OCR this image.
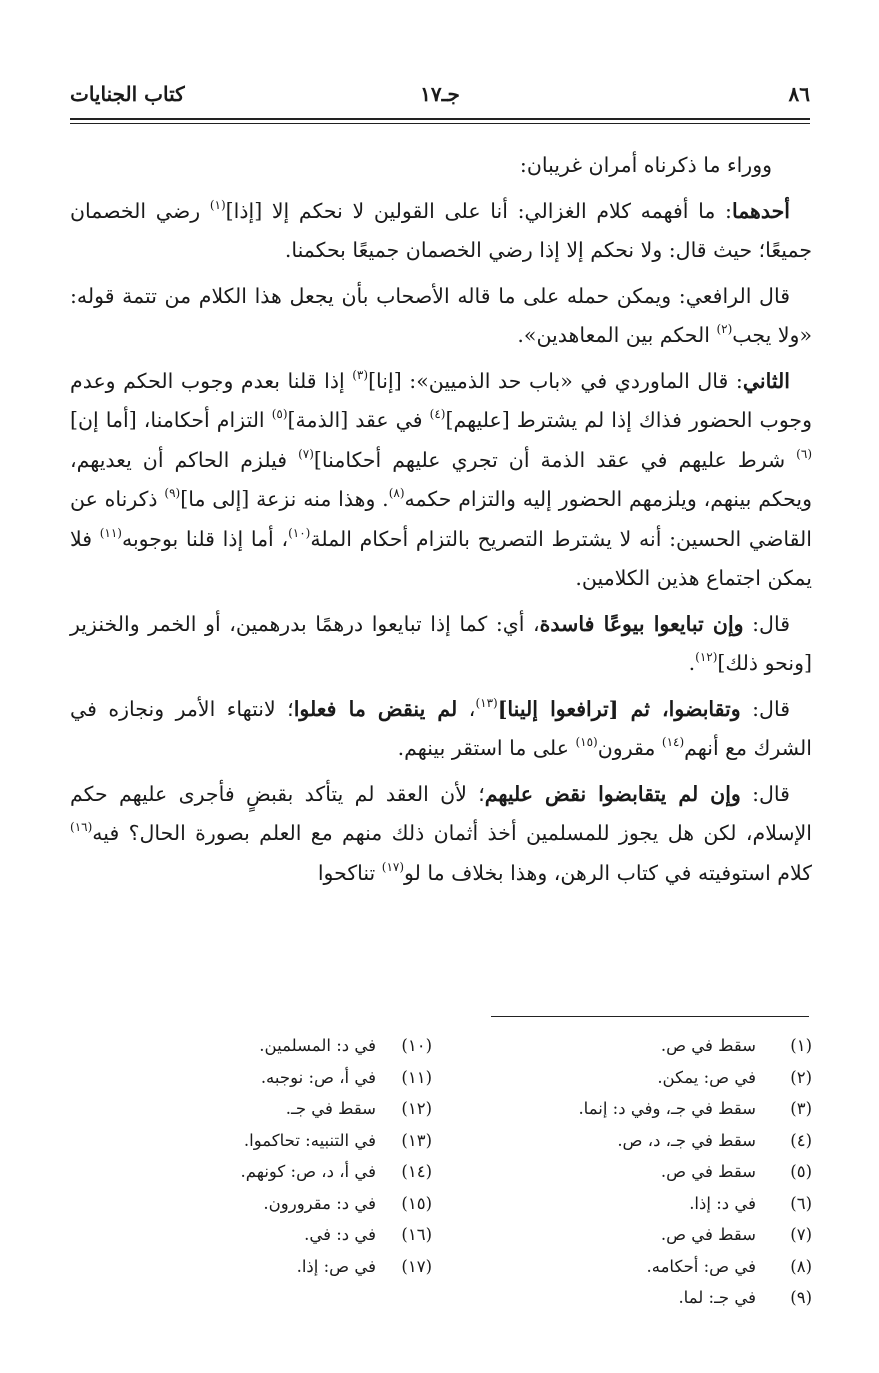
٨٦
جـ١٧
كتاب الجنايات

ووراء ما ذكرناه أمران غريبان:

أحدهما: ما أفهمه كلام الغزالي: أنا على القولين لا نحكم إلا [إذا]$^{(١)}$ رضي الخصمان جميعًا؛ حيث قال: ولا نحكم إلا إذا رضي الخصمان جميعًا بحكمنا.

قال الرافعي: ويمكن حمله على ما قاله الأصحاب بأن يجعل هذا الكلام من تتمة قوله: «ولا يجب$^{(٢)}$ الحكم بين المعاهدين».

الثاني: قال الماوردي في «باب حد الذميين»: [إنا]$^{(٣)}$ إذا قلنا بعدم وجوب الحكم وعدم وجوب الحضور فذاك إذا لم يشترط [عليهم]$^{(٤)}$ في عقد [الذمة]$^{(٥)}$ التزام أحكامنا، [أما إن]$^{(٦)}$ شرط عليهم في عقد الذمة أن تجري عليهم أحكامنا]$^{(٧)}$ فيلزم الحاكم أن يعديهم، ويحكم بينهم، ويلزمهم الحضور إليه والتزام حكمه$^{(٨)}$. وهذا منه نزعة [إلى ما]$^{(٩)}$ ذكرناه عن القاضي الحسين: أنه لا يشترط التصريح بالتزام أحكام الملة$^{(١٠)}$، أما إذا قلنا بوجوبه$^{(١١)}$ فلا يمكن اجتماع هذين الكلامين.

قال: وإن تبايعوا بيوعًا فاسدة، أي: كما إذا تبايعوا درهمًا بدرهمين، أو الخمر والخنزير [ونحو ذلك]$^{(١٢)}$.

قال: وتقابضوا، ثم [ترافعوا إلينا]$^{(١٣)}$، لم ينقض ما فعلوا؛ لانتهاء الأمر ونجازه في الشرك مع أنهم$^{(١٤)}$ مقرون$^{(١٥)}$ على ما استقر بينهم.

قال: وإن لم يتقابضوا نقض عليهم؛ لأن العقد لم يتأكد بقبضٍ فأجرى عليهم حكم الإسلام، لكن هل يجوز للمسلمين أخذ أثمان ذلك منهم مع العلم بصورة الحال؟ فيه$^{(١٦)}$ كلام استوفيته في كتاب الرهن، وهذا بخلاف ما لو$^{(١٧)}$ تناكحوا

(١)
سقط في ص.
(٢)
في ص: يمكن.
(٣)
سقط في جـ، وفي د: إنما.
(٤)
سقط في جـ، د، ص.
(٥)
سقط في ص.
(٦)
في د: إذا.
(٧)
سقط في ص.
(٨)
في ص: أحكامه.
(٩)
في جـ: لما.
(١٠)
في د: المسلمين.
(١١)
في أ، ص: نوجبه.
(١٢)
سقط في جـ.
(١٣)
في التنبيه: تحاكموا.
(١٤)
في أ، د، ص: كونهم.
(١٥)
في د: مقرورون.
(١٦)
في د: في.
(١٧)
في ص: إذا.
